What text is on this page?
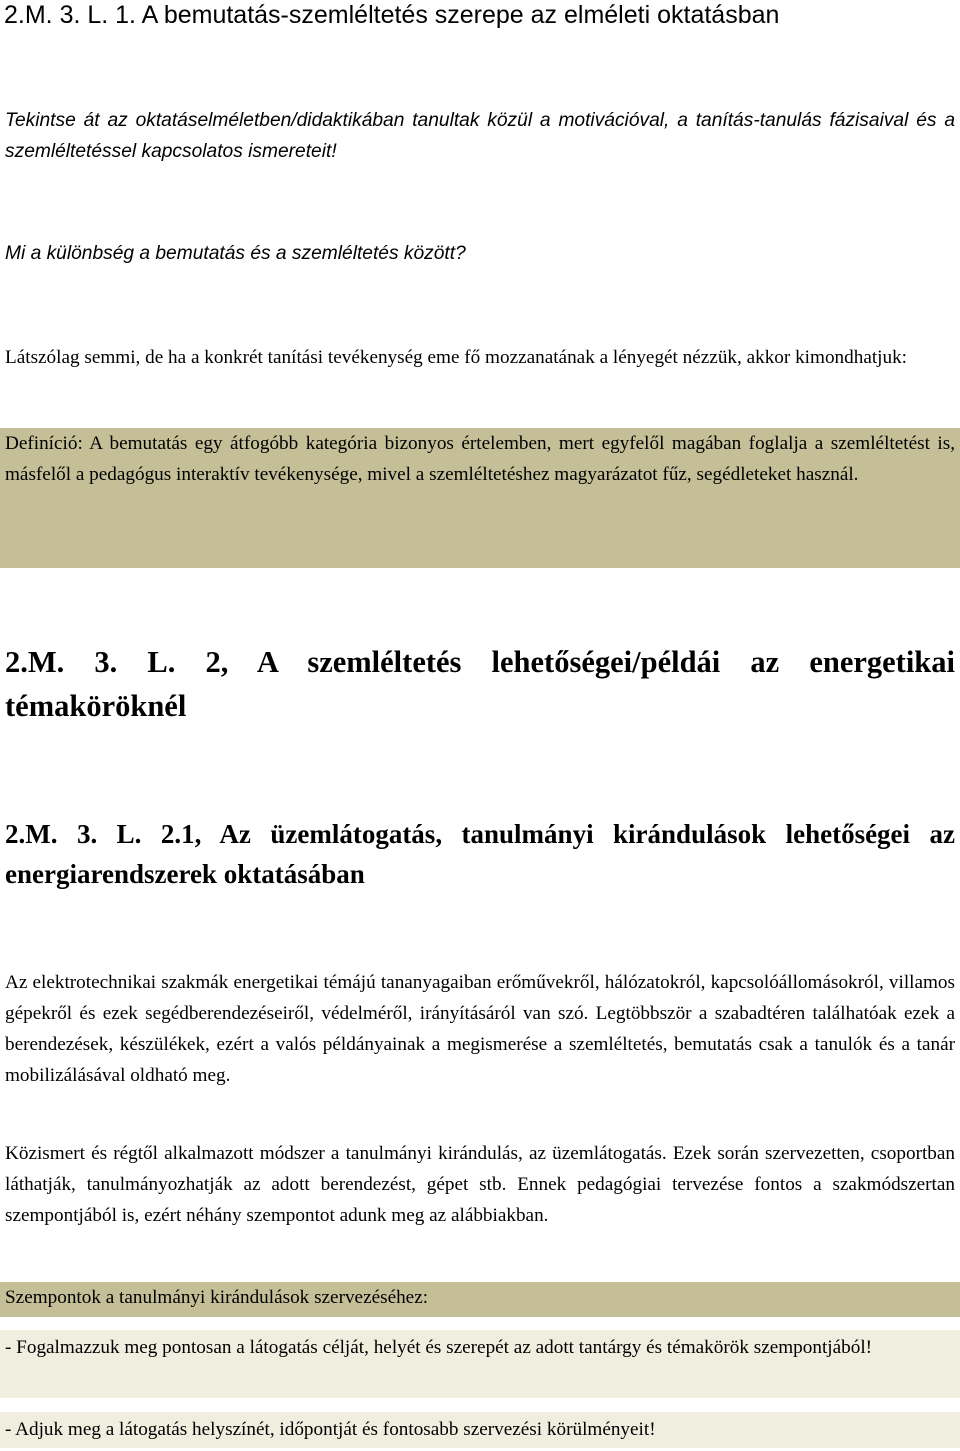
2.M. 3. L. 1. A bemutatás-szemléltetés szerepe az elméleti oktatásban
Tekintse át az oktatáselméletben/didaktikában tanultak közül a motivációval, a tanítás-tanulás fázisaival és a szemléltetéssel kapcsolatos ismereteit!
Mi a különbség a bemutatás és a szemléltetés között?
Látszólag semmi, de ha a konkrét tanítási tevékenység eme fő mozzanatának a lényegét nézzük, akkor kimondhatjuk:
Definíció: A bemutatás egy átfogóbb kategória bizonyos értelemben, mert egyfelől magában foglalja a szemléltetést is, másfelől a pedagógus interaktív tevékenysége, mivel a szemléltetéshez magyarázatot fűz, segédleteket használ.
2.M. 3. L. 2, A szemléltetés lehetőségei/példái az energetikai témaköröknél
2.M. 3. L. 2.1, Az üzemlátogatás, tanulmányi kirándulások lehetőségei az energiarendszerek oktatásában
Az elektrotechnikai szakmák energetikai témájú tananyagaiban erőművekről, hálózatokról, kapcsolóállomásokról, villamos gépekről és ezek segédberendezéseiről, védelméről, irányításáról van szó. Legtöbbször a szabadtéren találhatóak ezek a berendezések, készülékek, ezért a valós példányainak a megismerése a szemléltetés, bemutatás csak a tanulók és a tanár mobilizálásával oldható meg.
Közismert és régtől alkalmazott módszer a tanulmányi kirándulás, az üzemlátogatás. Ezek során szervezetten, csoportban láthatják, tanulmányozhatják az adott berendezést, gépet stb. Ennek pedagógiai tervezése fontos a szakmódszertan szempontjából is, ezért néhány szempontot adunk meg az alábbiakban.
Szempontok a tanulmányi kirándulások szervezéséhez:
- Fogalmazzuk meg pontosan a látogatás célját, helyét és szerepét az adott tantárgy és témakörök szempontjából!
- Adjuk meg a látogatás helyszínét, időpontját és fontosabb szervezési körülményeit!
